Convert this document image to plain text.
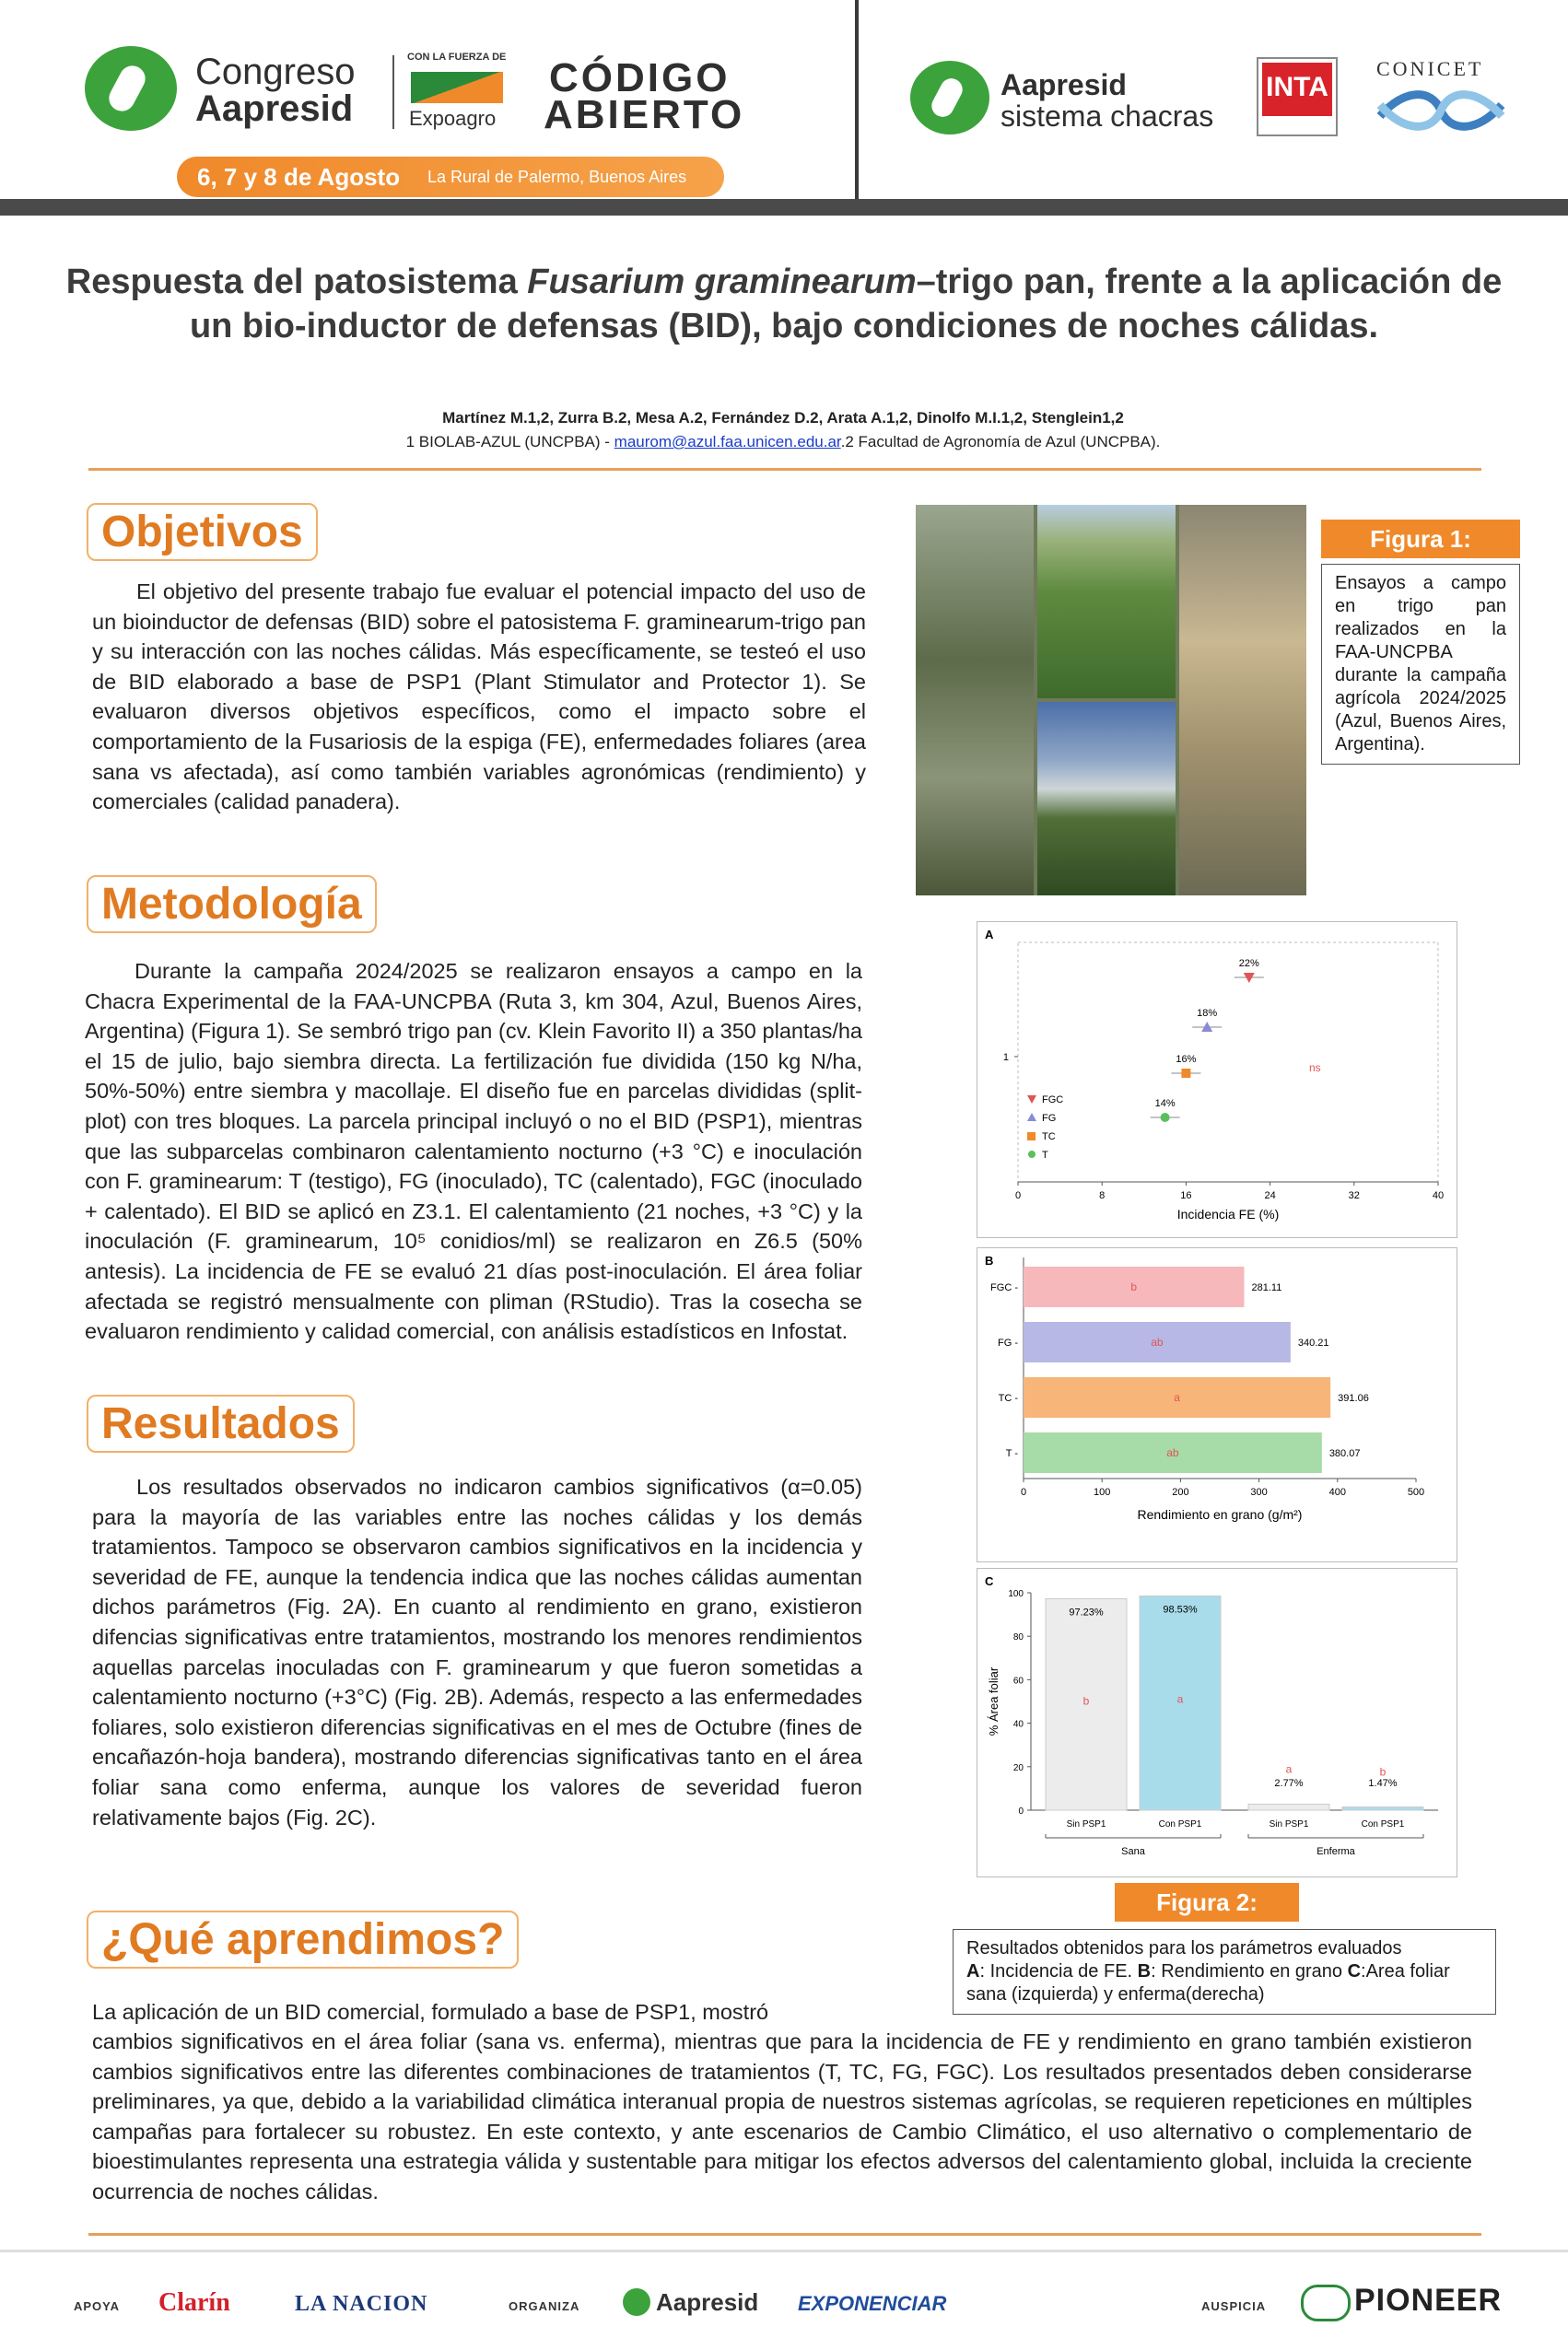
Congreso
Aapresid
CON LA FUERZA DE
Expoagro
CÓDIGO
ABIERTO
6, 7 y 8 de Agosto La Rural de Palermo, Buenos Aires
Aapresid
sistema chacras
INTA
CONICET
Respuesta del patosistema Fusarium graminearum–trigo pan, frente a la aplicación de un bio-inductor de defensas (BID), bajo condiciones de noches cálidas.
Martínez M.1,2, Zurra B.2, Mesa A.2, Fernández D.2, Arata A.1,2, Dinolfo M.I.1,2, Stenglein1,2
1 BIOLAB-AZUL (UNCPBA) - maurom@azul.faa.unicen.edu.ar.2 Facultad de Agronomía de Azul (UNCPBA).
Objetivos
El objetivo del presente trabajo fue evaluar el potencial impacto del uso de un bioinductor de defensas (BID) sobre el patosistema F. graminearum-trigo pan y su interacción con las noches cálidas. Más específicamente, se testeó el uso de BID elaborado a base de PSP1 (Plant Stimulator and Protector 1). Se evaluaron diversos objetivos específicos, como el impacto sobre el comportamiento de la Fusariosis de la espiga (FE), enfermedades foliares (area sana vs afectada), así como también variables agronómicas (rendimiento) y comerciales (calidad panadera).
Metodología
Durante la campaña 2024/2025 se realizaron ensayos a campo en la Chacra Experimental de la FAA-UNCPBA (Ruta 3, km 304, Azul, Buenos Aires, Argentina) (Figura 1). Se sembró trigo pan (cv. Klein Favorito II) a 350 plantas/ha el 15 de julio, bajo siembra directa. La fertilización fue dividida (150 kg N/ha, 50%-50%) entre siembra y macollaje. El diseño fue en parcelas divididas (split-plot) con tres bloques. La parcela principal incluyó o no el BID (PSP1), mientras que las subparcelas combinaron calentamiento nocturno (+3 °C) e inoculación con F. graminearum: T (testigo), FG (inoculado), TC (calentado), FGC (inoculado + calentado). El BID se aplicó en Z3.1. El calentamiento (21 noches, +3 °C) y la inoculación (F. graminearum, 10⁵ conidios/ml) se realizaron en Z6.5 (50% antesis). La incidencia de FE se evaluó 21 días post-inoculación. El área foliar afectada se registró mensualmente con pliman (RStudio). Tras la cosecha se evaluaron rendimiento y calidad comercial, con análisis estadísticos en Infostat.
Resultados
Los resultados observados no indicaron cambios significativos (α=0.05) para la mayoría de las variables entre las noches cálidas y los demás tratamientos. Tampoco se observaron cambios significativos en la incidencia y severidad de FE, aunque la tendencia indica que las noches cálidas aumentan dichos parámetros (Fig. 2A). En cuanto al rendimiento en grano, existieron difencias significativas entre tratamientos, mostrando los menores rendimientos aquellas parcelas inoculadas con F. graminearum y que fueron sometidas a calentamiento nocturno (+3°C) (Fig. 2B). Además, respecto a las enfermedades foliares, solo existieron diferencias significativas en el mes de Octubre (fines de encañazón-hoja bandera), mostrando diferencias significativas tanto en el área foliar sana como enferma, aunque los valores de severidad fueron relativamente bajos (Fig. 2C).
¿Qué aprendimos?
La aplicación de un BID comercial, formulado a base de PSP1, mostró
cambios significativos en el área foliar (sana vs. enferma), mientras que para la incidencia de FE y rendimiento en grano también existieron cambios significativos entre las diferentes combinaciones de tratamientos (T, TC, FG, FGC). Los resultados presentados deben considerarse preliminares, ya que, debido a la variabilidad climática interanual propia de nuestros sistemas agrícolas, se requieren repeticiones en múltiples campañas para fortalecer su robustez. En este contexto, y ante escenarios de Cambio Climático, el uso alternativo o complementario de bioestimulantes representa una estrategia válida y sustentable para mitigar los efectos adversos del calentamiento global, incluida la creciente ocurrencia de noches cálidas.
Figura 1:
Ensayos a campo en trigo pan realizados en la FAA-UNCPBA durante la campaña agrícola 2024/2025 (Azul, Buenos Aires, Argentina).
A
0	8	16	24	32	40
Incidencia FE (%)
1
22%
18%
16%
14%
ns
FGC
FG
TC
T
B
0	100	200	300	400	500
Rendimiento en grano (g/m²)
FGC -	b	281.11
FG -	ab	340.21
TC -	a	391.06
T -	ab	380.07
C
0
20
40
60
80
100
% Área foliar
97.23%
b
Sin PSP1
98.53%
a
Con PSP1
2.77%
a
Sin PSP1
1.47%
b
Con PSP1
Sana	Enferma
Figura 2:
Resultados obtenidos para los parámetros evaluados
A: Incidencia de FE. B: Rendimiento en grano C:Area foliar sana (izquierda) y enferma(derecha)
APOYA Clarín	LA NACION	ORGANIZA	Aapresid EXPONENCIAR	AUSPICIA	PIONEER
